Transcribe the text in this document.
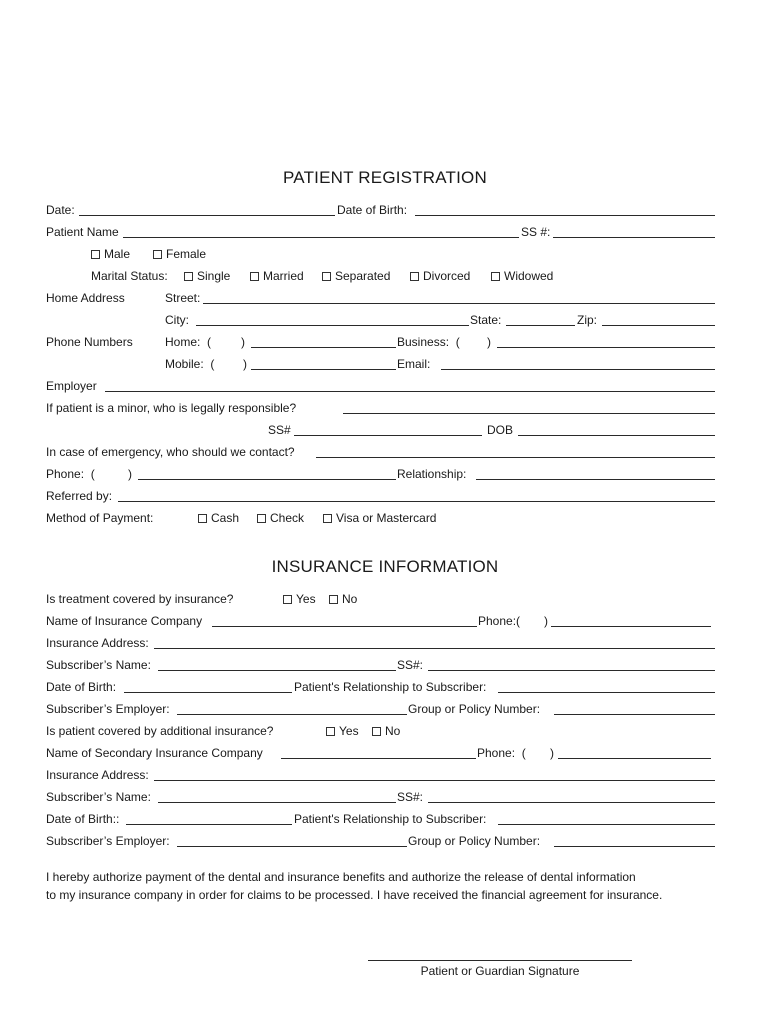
PATIENT REGISTRATION
Date:	Date of Birth:
Patient Name	SS #:
Male	Female
Marital Status:	Single	Married	Separated	Divorced	Widowed
Home Address	Street:
City:	State:	Zip:
Phone Numbers	Home:  ( )	Business:  ( )
Mobile:  ( )	Email:
Employer
If patient is a minor, who is legally responsible?
SS#	DOB
In case of emergency, who should we contact?
Phone:  (	)	Relationship:
Referred by:
Method of Payment:	Cash	Check	Visa or Mastercard
INSURANCE INFORMATION
Is treatment covered by insurance?	Yes	No
Name of Insurance Company	Phone:( )
Insurance Address:
Subscriber’s Name:	SS#:
Date of Birth:	Patient's Relationship to Subscriber:
Subscriber’s Employer:	Group or Policy Number:
Is patient covered by additional insurance?	Yes	No
Name of Secondary Insurance Company	Phone:  ( )
Insurance Address:
Subscriber’s Name:	SS#:
Date of Birth::	Patient's Relationship to Subscriber:
Subscriber’s Employer:	Group or Policy Number:
I hereby authorize payment of the dental and insurance benefits and authorize the release of dental information
to my insurance company in order for claims to be processed. I have received the financial agreement for insurance.
Patient or Guardian Signature
